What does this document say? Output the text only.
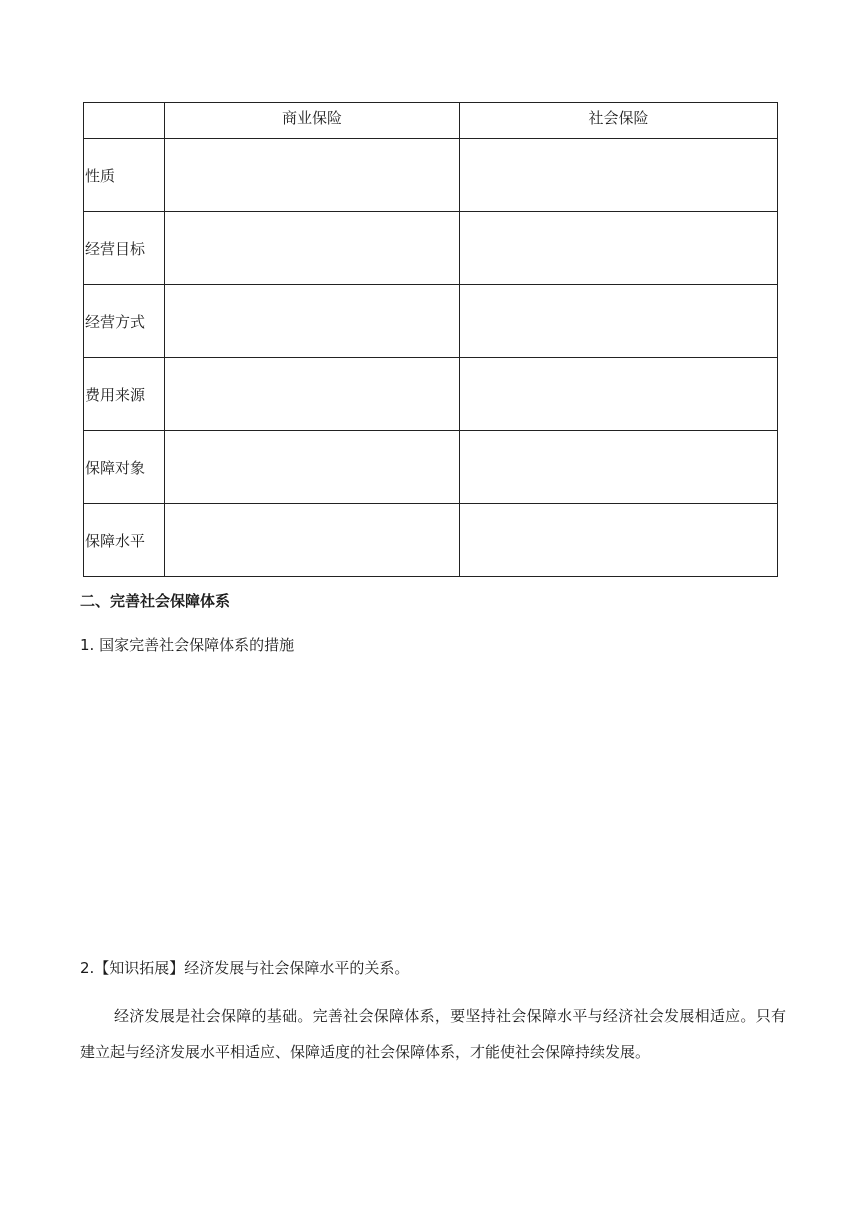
	商业保险	社会保险
性质		
经营目标		
经营方式		
费用来源		
保障对象		
保障水平		
二、完善社会保障体系

1. 国家完善社会保障体系的措施

2.【知识拓展】经济发展与社会保障水平的关系。

经济发展是社会保障的基础。完善社会保障体系，要坚持社会保障水平与经济社会发展相适应。只有建立起与经济发展水平相适应、保障适度的社会保障体系，才能使社会保障持续发展。
